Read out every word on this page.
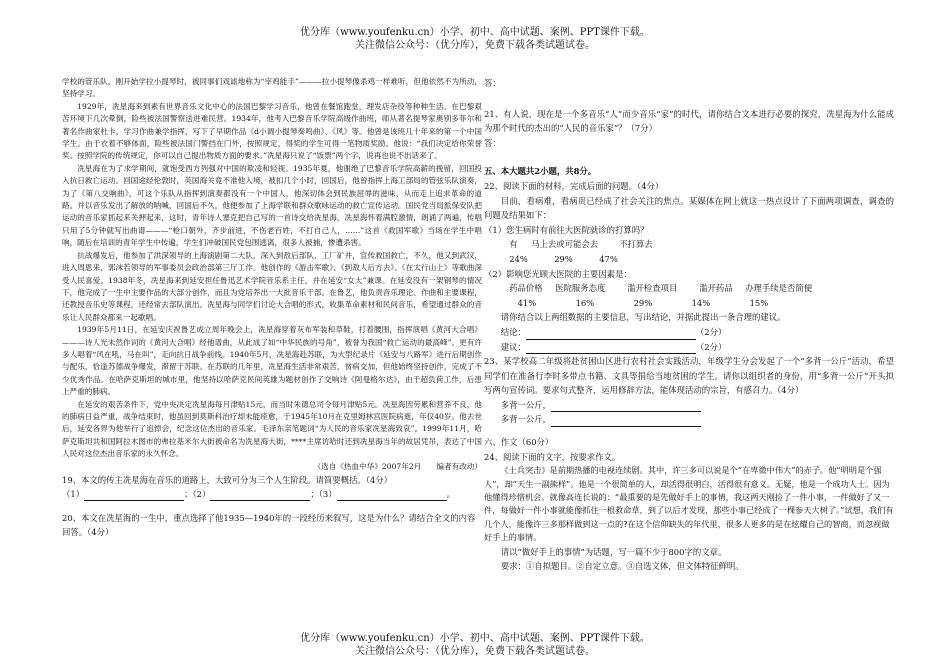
优分库（www.youfenku.cn）小学、初中、高中试题、案例、PPT课件下载。
关注微信公众号：（优分库），免费下载各类试题试卷。

学校的管乐队，刚开始学拉小提琴时，被同事们戏谑地称为“宰鸡能手”———拉小提琴像杀鸡一样难听，但他依然不为所动，坚持学习。

1929年，冼星海来到素有世界音乐文化中心的法国巴黎学习音乐，他曾在餐馆跑堂，理发店杂役等种种生活。在巴黎艰苦环境下几次晕倒，险些被法国警察送进难民营。1934年，他考入巴黎音乐学院高级作曲班，师从著名提琴家奥别多菲尔和著名作曲家杜卡，学习作曲兼学指挥，写下了早期作品《d小调小提琴奏鸣曲》、《风》等。他曾是该班几十年来的第一个中国学生。由于衣着不够体面，险些被法国门警挡在门外，按照规定，得奖的学生可得一笔物质奖励。他说：“我们决定给你荣誉奖。按照学院的传统规定，你可以自己提出物质方面的要求。”冼星海只说了“饭票”两个字，说再也说不出话来了。

冼星海在为了求学期间，就饱受西方列强对中国的欺凌和轻视。1935年夏，他谢绝了巴黎音乐学院高薪的挽留，回国投入抗日救亡运动。回国途经伦敦时，英国海关竟不准他入境，被扣几个小时，回国后，他曾指挥上海工部局的管弦乐队演奏，为了《第八交响曲》，可这个乐队从指挥到演奏都没有一个中国人，他深切体会到民族屈辱的滋味，从而走上追求革命的道路。并以音乐发出了解放的呐喊，回国后不久，他便参加了上海学联和群众歌咏运动的救亡宣传运动。国民党当局派保安队把运动的音乐家抓起来关押起来，这时，青年诗人塞克把自己写的一首诗交给冼星海，冼星海怀着满腔激情，朗诵了两遍，传唱只用了5分钟就写出曲谱———“枪口朝外，齐步前进，不伤老百姓，不打自己人，……”这首《救国军歌》当场在学生中唱响，随后在培训的青年学生中传遍，学生们冲破国民党包围逃离，很多人被捕，惨遭杀害。

抗战爆发后，他参加了洪深领导的上海演剧第二大队，深入到敌后部队、工厂矿井，宣传救国救亡，不久，他又到武汉，进入周恩来、郭沫若领导的军事委员会政治部第三厅工作。他创作的《游击军歌》、《到敌人后方去》、《在太行山上》等歌曲深受人民喜爱。1938年冬，冼星海来到延安担任鲁迅艺术学院音乐系主任，并在延安“女大”兼课。在延安没有一架钢琴的情况下，他完成了一生中主要作品的大部分创作，而且为党培养出一大批音乐干部。在鲁艺，他负责音乐理论、作曲和主要课程，还教授音乐史等课程，还经常去部队演出。冼星海与同学们讨论大合唱的形式，收集革命素材和民间音乐，希望通过群众的音乐让人民群众都来一起歌唱。

1939年5月11日，在延安庆祝鲁艺成立周年晚会上，冼星海穿着灰布军装和草鞋，打着腰围，指挥演唱《黄河大合唱》———诗人光未然作词的《黄河大合唱》经他谱曲，从此成了如“中华民族的号角”，被誉为我国“救亡运动的最高峰”。更有许多人唱着“风在吼，马在叫”，走向抗日战争前线。1940年5月，冼星海赴苏联，为大型纪录片《延安与八路军》进行后期创作与配乐，恰逢苏德战争爆发，滞留于苏联。在苏联的几年里，冼星海生活非常艰苦，贫病交加，但他始终坚持创作，完成了不少优秀作品。在哈萨克斯坦的城市里，他坚持以哈萨克民间英雄为题材创作了交响诗《阿曼格尔达》，由于超负荷工作，后患上严重的肺病。

在延安的艰苦条件下，党中央决定冼星海每月津贴15元，而当时朱德总司令每月津贴5元。冼星海因劳累和营养不良，他的肺病日益严重，战争结束时，他虽回到莫斯科治疗却未能痊愈，于1945年10月在克里姆林宫医院病逝，年仅40岁。他去世后，延安各界为他举行了追悼会，纪念这位杰出的音乐家。毛泽东亲笔题词“为人民的音乐家冼星海致哀”。1999年11月，哈萨克斯坦共和国阿拉木图市的弗拉基米尔大街被命名为冼星海大街，****主席访哈时还到冼星海当年的故居凭吊，表达了中国人民对这位杰出音乐家的永久怀念。

（选自《热血中华》2007年2月　　编者有改动）

19、本文的传主冼星海在音乐的道路上，大致可分为三个人生阶段。请简要概括。（4分）

（1）	；（2）	；（3）	。

20、本文在冼星海的一生中，重点选择了他1935—1940年的一段经历来叙写，这是为什么？请结合全文的内容回答。（4分）

答：

21、有人说，现在是一个多音乐“人”而少音乐“家”的时代，请你结合文本进行必要的探究，冼星海为什么能成为那个时代的杰出的“人民的音乐家”？（7分）

答：

五、本大题共2小题，共8分。

22、阅读下面的材料，完成后面的问题。（4分）

目前，看病难，看病贵已经成了社会关注的焦点。某媒体在网上就这一热点设计了下面两项调查，调查的问题及结果如下：

（1）您生病时有前往大医院就诊的打算吗？

有 马上去或可能会去	不打算去

24%	29%	47%

（2）影响您光顾大医院的主要因素是：

药品价格 医院服务态度	滥开检查项目	滥开药品 办理手续是否简便

41%	16%	29%	14%	15%

请你结合以上两组数据的主要信息，写出结论，并据此提出一条合理的建议。

结论：	（2分）

建议：	（2分）

23、某学校高二年级将赴贫困山区进行农村社会实践活动，年级学生分会发起了一个“多背一公斤”活动，希望同学们在准备行李时多带点书籍、文具等捐给当地贫困的学生。请你以组织者的身份，用“多背一公斤”开头拟写两句宣传词。要求句式整齐，运用修辞方法，能体现活动的宗旨，有感召力。（4分）

多背一公斤，

多背一公斤，

六、作文（60分）

24、阅读下面的文字，按要求作文。

《士兵突击》是前期热播的电视连续剧。其中，许三多可以说是个“在卑微中伟大”的赤子。他“明明是个强人”，却“天生一副熊样”。他是一个很简单的人，却活得很明白，活得很有意义。无疑，他是一个成功人士。因为他懂得珍惜机会。就像高连长说的：“最重要的是先做好手上的事情，我这两天刚捡了一件小事，一件做好了又一件，每做好一件小事就能像抓住一根救命草，到了以后才发现，那些小事已经成了一棵参天大树了。”试想，我们有几个人，能像许三多那样做到这一点的?在这个信仰缺失的年代里，很多人更多的是在炫耀自己的智商，而忽视做好手上的事情。

请以“做好手上的事情”为话题，写一篇不少于800字的文章。

要求：①自拟题目。②自定立意。③自选文体，但文体特征鲜明。

优分库（www.youfenku.cn）小学、初中、高中试题、案例、PPT课件下载。
关注微信公众号：（优分库），免费下载各类试题试卷。
